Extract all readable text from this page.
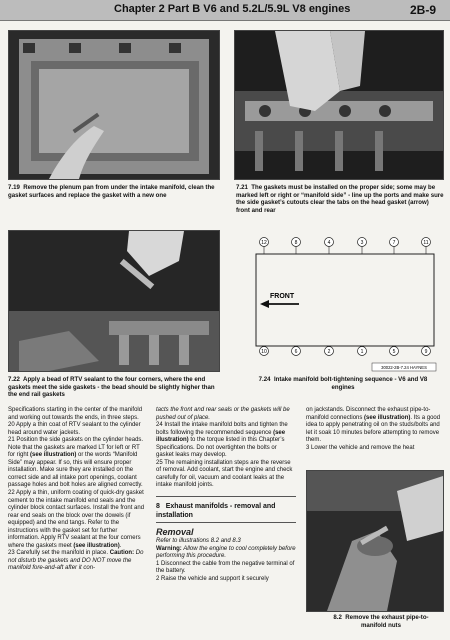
Chapter 2 Part B V6 and 5.2L/5.9L V8 engines	2B-9
7.19 Remove the plenum pan from under the intake manifold, clean the gasket surfaces and replace the gasket with a new one
7.21 The gaskets must be installed on the proper side; some may be marked left or right or “manifold side” - line up the ports and make sure the side gasket’s cutouts clear the tabs on the head gasket (arrow) front and rear
7.22 Apply a bead of RTV sealant to the four corners, where the end gaskets meet the side gaskets - the bead should be slightly higher than the end rail gaskets
12	8	4	3	7	11
10	6	2	1	5	9
FRONT
30022-2B-7.24 HAYNES
7.24 Intake manifold bolt-tightening sequence - V6 and V8 engines

Specifications starting in the center of the manifold and working out towards the ends, in three steps.

20 Apply a thin coat of RTV sealant to the cylinder head around water jackets.

21 Position the side gaskets on the cylinder heads. Note that the gaskets are marked LT for left or RT for right (see illustration) or the words “Manifold Side” may appear. If so, this will ensure proper installation. Make sure they are installed on the correct side and all intake port openings, coolant passage holes and bolt holes are aligned correctly.

22 Apply a thin, uniform coating of quick-dry gasket cement to the intake manifold end seals and the cylinder block contact surfaces. Install the front and rear end seals on the block over the dowels (if equipped) and the end tangs. Refer to the instructions with the gasket set for further information. Apply RTV sealant at the four corners where the gaskets meet (see illustration).

23 Carefully set the manifold in place. Caution: Do not disturb the gaskets and DO NOT move the manifold fore-and-aft after it con-

tacts the front and rear seals or the gaskets will be pushed out of place.

24 Install the intake manifold bolts and tighten the bolts following the recommended sequence (see illustration) to the torque listed in this Chapter’s Specifications. Do not overtighten the bolts or gasket leaks may develop.

25 The remaining installation steps are the reverse of removal. Add coolant, start the engine and check carefully for oil, vacuum and coolant leaks at the intake manifold joints.

8 Exhaust manifolds - removal and installation
Removal

Refer to illustrations 8.2 and 8.3

Warning: Allow the engine to cool completely before performing this procedure.

1 Disconnect the cable from the negative terminal of the battery.

2 Raise the vehicle and support it securely

on jackstands. Disconnect the exhaust pipe-to-manifold connections (see illustration). Its a good idea to apply penetrating oil on the studs/bolts and let it soak 10 minutes before attempting to remove them.

3 Lower the vehicle and remove the heat

8.2 Remove the exhaust pipe-to-manifold nuts
